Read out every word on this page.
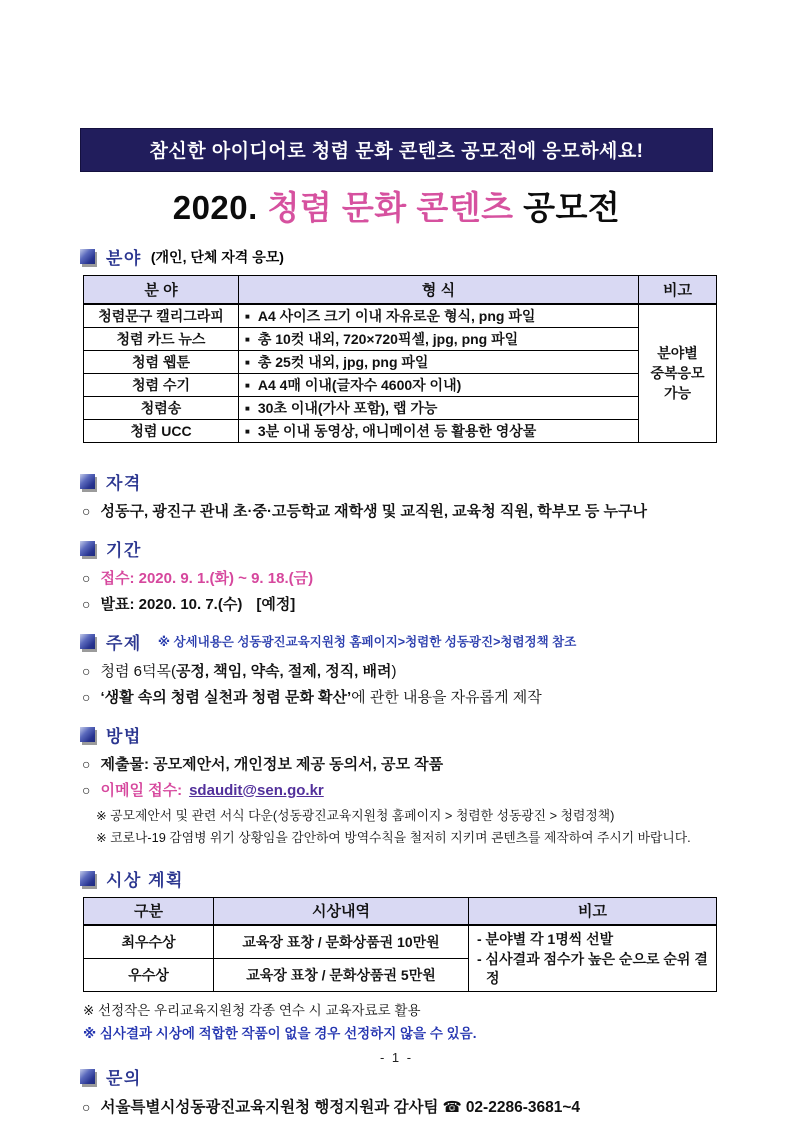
참신한 아이디어로 청렴 문화 콘텐츠 공모전에 응모하세요!
2020. 청렴 문화 콘텐츠 공모전
분야 (개인, 단체 자격 응모)
분 야	형 식	비고
청렴문구 캘리그라피	■ A4 사이즈 크기 이내 자유로운 형식, png 파일	분야별
중복응모
가능

청렴 카드 뉴스	■ 총 10컷 내외, 720×720픽셀, jpg, png 파일	
청렴 웹툰	■ 총 25컷 내외, jpg, png 파일	
청렴 수기	■ A4 4매 이내(글자수 4600자 이내)	
청렴송	■ 30초 이내(가사 포함), 랩 가능	
청렴 UCC	■ 3분 이내 동영상, 애니메이션 등 활용한 영상물	
자격
○ 성동구, 광진구 관내 초·중·고등학교 재학생 및 교직원, 교육청 직원, 학부모 등 누구나
기간
○ 접수: 2020. 9. 1.(화) ~ 9. 18.(금)
○ 발표: 2020. 10. 7.(수) [예정]
주제 ※ 상세내용은 성동광진교육지원청 홈페이지>청렴한 성동광진>청렴정책 참조
○ 청렴 6덕목( 공정, 책임, 약속, 절제, 정직, 배려 )
○ ‘생활 속의 청렴 실천과 청렴 문화 확산’ 에 관한 내용을 자유롭게 제작
방법
○ 제출물: 공모제안서, 개인정보 제공 동의서, 공모 작품
○ 이메일 접수: sdaudit@sen.go.kr
※ 공모제안서 및 관련 서식 다운(성동광진교육지원청 홈페이지 > 청렴한 성동광진 > 청렴정책)
※ 코로나-19 감염병 위기 상황임을 감안하여 방역수칙을 철저히 지키며 콘텐츠를 제작하여 주시기 바랍니다.
시상 계획
구분	시상내역	비고
최우수상	교육장 표창 / 문화상품권 10만원	- 분야별 각 1명씩 선발
- 심사결과 점수가 높은 순으로 순위 결정

우수상	교육장 표창 / 문화상품권 5만원	
※ 선정작은 우리교육지원청 각종 연수 시 교육자료로 활용
※ 심사결과 시상에 적합한 작품이 없을 경우 선정하지 않을 수 있음.
문의
○ 서울특별시성동광진교육지원청 행정지원과 감사팀 ☎ 02-2286-3681~4
- 1 -
